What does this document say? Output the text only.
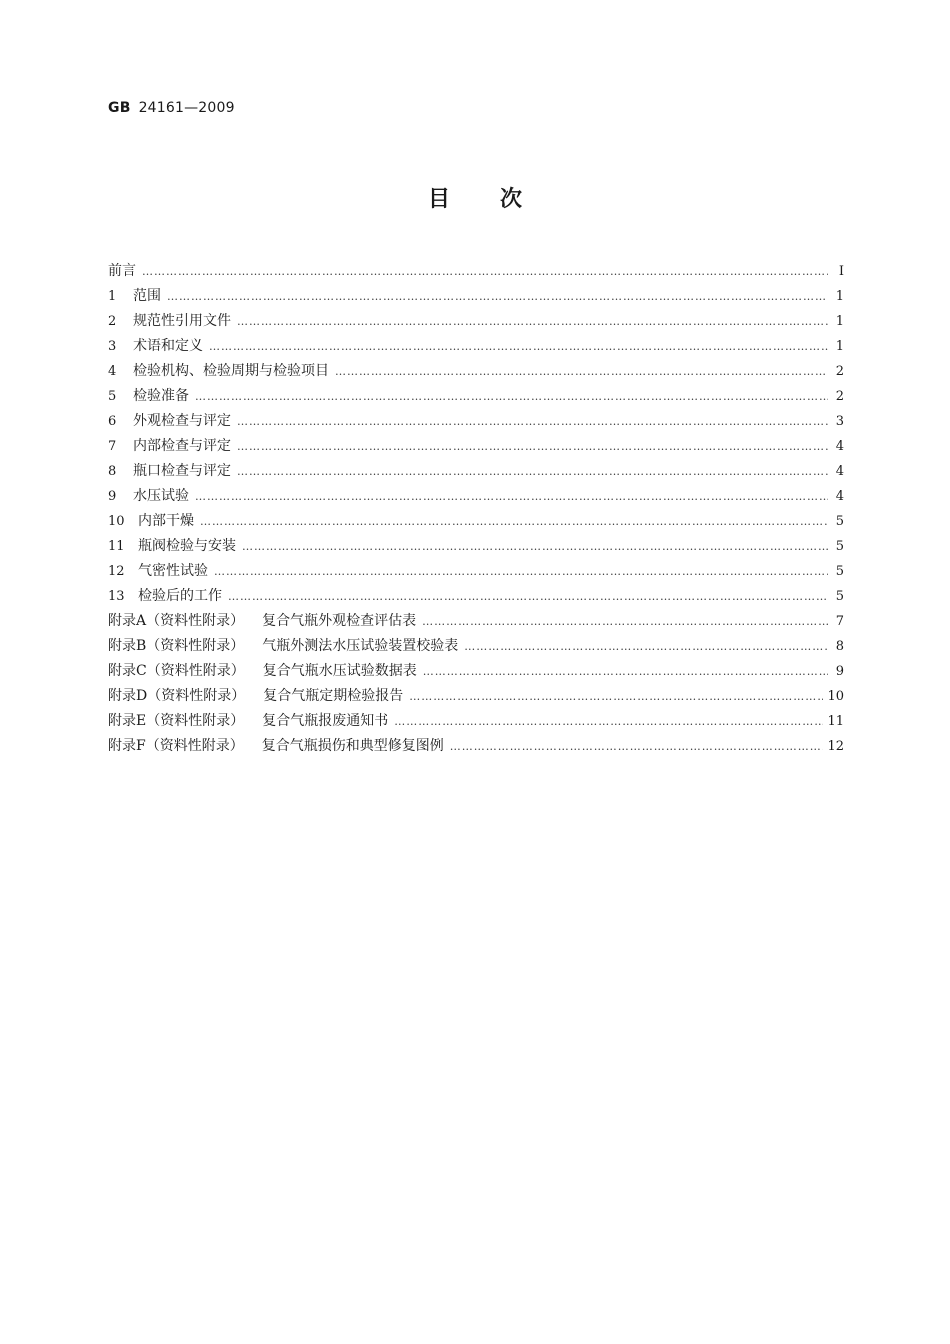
GB 24161—2009
目次
前言 …………………………………………………………………………………………………………………………………………………………………………………………………………………………	Ⅰ
1 范围 …………………………………………………………………………………………………………………………………………………………………………………………………………………………	1
2 规范性引用文件 …………………………………………………………………………………………………………………………………………………………………………………………………………………………	1
3 术语和定义 …………………………………………………………………………………………………………………………………………………………………………………………………………………………	1
4 检验机构、检验周期与检验项目 …………………………………………………………………………………………………………………………………………………………………………………………………………………………	2
5 检验准备 …………………………………………………………………………………………………………………………………………………………………………………………………………………………	2
6 外观检查与评定 …………………………………………………………………………………………………………………………………………………………………………………………………………………………	3
7 内部检查与评定 …………………………………………………………………………………………………………………………………………………………………………………………………………………………	4
8 瓶口检查与评定 …………………………………………………………………………………………………………………………………………………………………………………………………………………………	4
9 水压试验 …………………………………………………………………………………………………………………………………………………………………………………………………………………………	4
10 内部干燥 …………………………………………………………………………………………………………………………………………………………………………………………………………………………	5
11 瓶阀检验与安装 …………………………………………………………………………………………………………………………………………………………………………………………………………………………	5
12 气密性试验 …………………………………………………………………………………………………………………………………………………………………………………………………………………………	5
13 检验后的工作 …………………………………………………………………………………………………………………………………………………………………………………………………………………………	5
附录A（资料性附录） 复合气瓶外观检查评估表 …………………………………………………………………………………………………………………………………………………………………………………………………………………………	7
附录B（资料性附录） 气瓶外测法水压试验装置校验表 …………………………………………………………………………………………………………………………………………………………………………………………………………………………	8
附录C（资料性附录） 复合气瓶水压试验数据表 …………………………………………………………………………………………………………………………………………………………………………………………………………………………	9
附录D（资料性附录） 复合气瓶定期检验报告 …………………………………………………………………………………………………………………………………………………………………………………………………………………………	10
附录E（资料性附录） 复合气瓶报废通知书 …………………………………………………………………………………………………………………………………………………………………………………………………………………………	11
附录F（资料性附录） 复合气瓶损伤和典型修复图例 …………………………………………………………………………………………………………………………………………………………………………………………………………………………	12
